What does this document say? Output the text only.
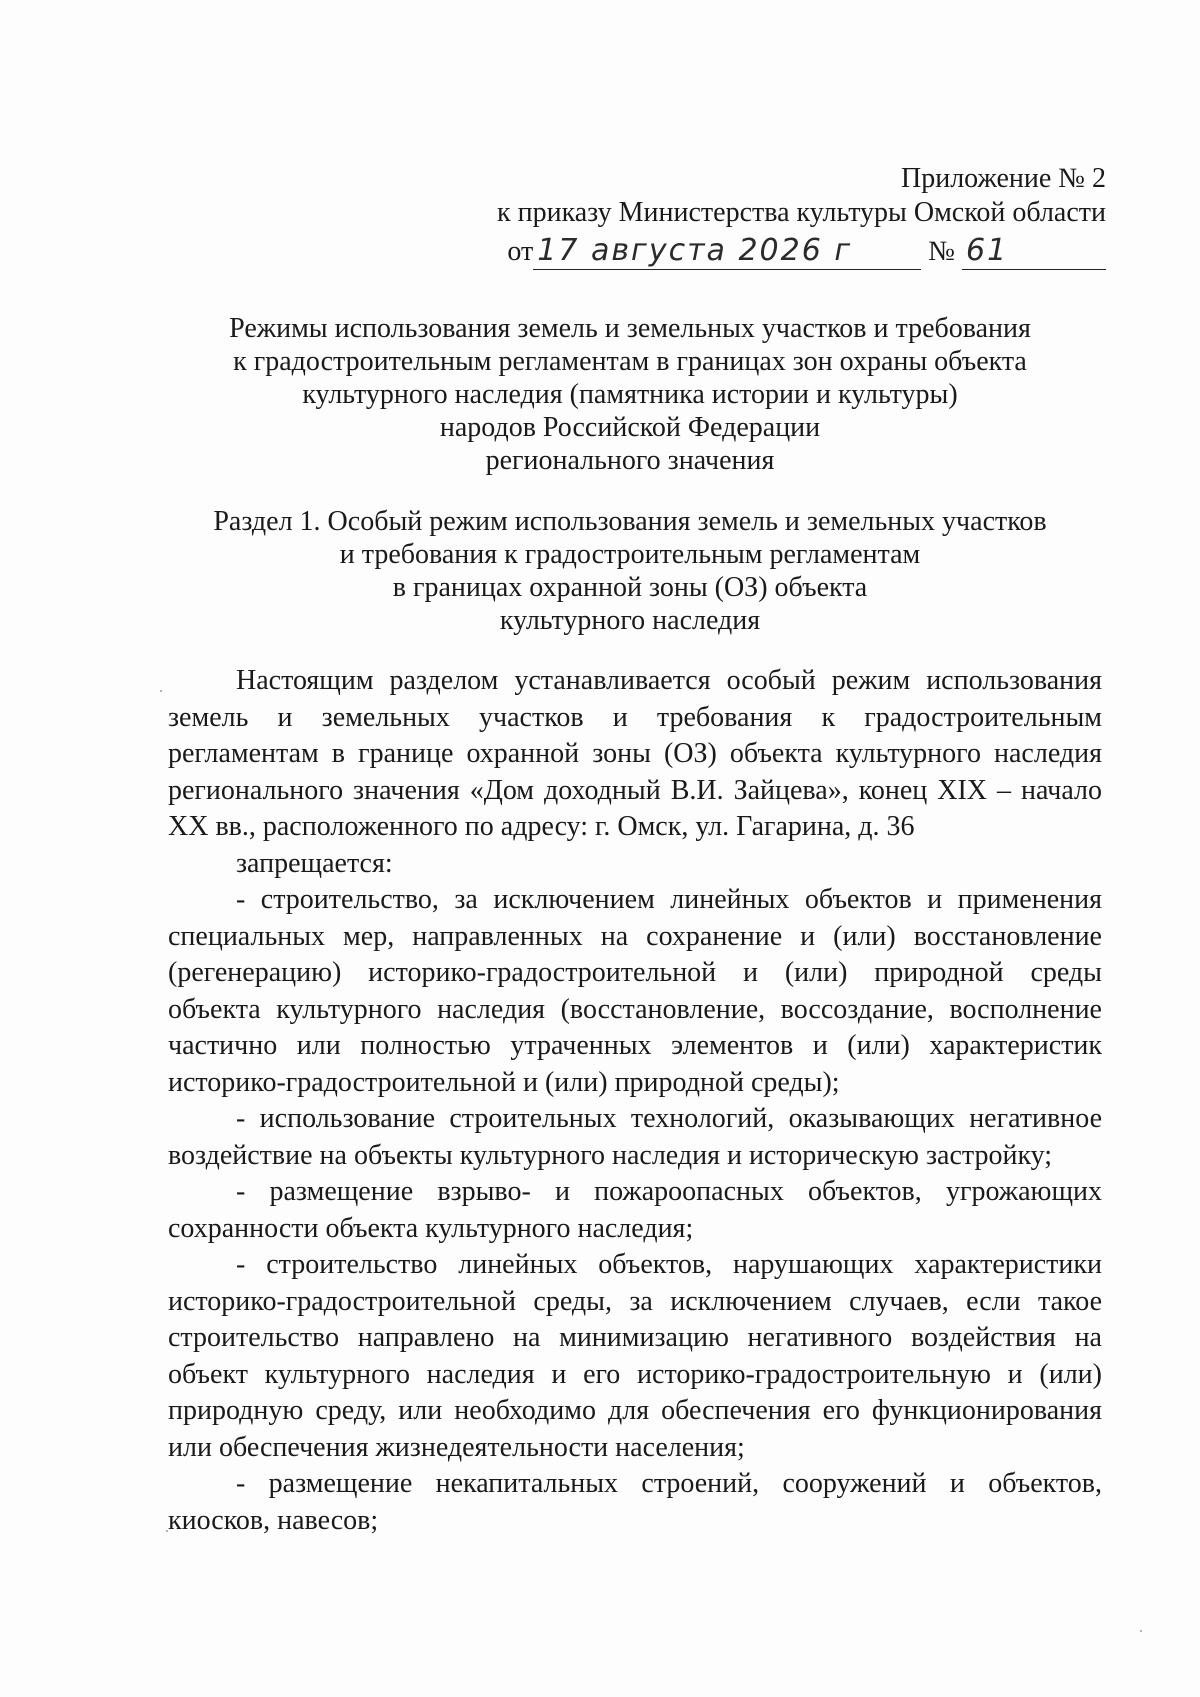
Приложение № 2
к приказу Министерства культуры Омской области
от 17 августа 2026 г	№ 61
Режимы использования земель и земельных участков и требования
к градостроительным регламентам в границах зон охраны объекта
культурного наследия (памятника истории и культуры)
народов Российской Федерации
регионального значения
Раздел 1. Особый режим использования земель и земельных участков
и требования к градостроительным регламентам
в границах охранной зоны (ОЗ) объекта
культурного наследия

Настоящим разделом устанавливается особый режим использования земель и земельных участков и требования к градостроительным регламентам в границе охранной зоны (ОЗ) объекта культурного наследия регионального значения «Дом доходный В.И. Зайцева», конец XIX – начало XX вв., расположенного по адресу: г. Омск, ул. Гагарина, д. 36

запрещается:

- строительство, за исключением линейных объектов и применения специальных мер, направленных на сохранение и (или) восстановление (регенерацию) историко-градостроительной и (или) природной среды объекта культурного наследия (восстановление, воссоздание, восполнение частично или полностью утраченных элементов и (или) характеристик историко-градостроительной и (или) природной среды);

- использование строительных технологий, оказывающих негативное воздействие на объекты культурного наследия и историческую застройку;

- размещение взрыво- и пожароопасных объектов, угрожающих сохранности объекта культурного наследия;

- строительство линейных объектов, нарушающих характеристики историко-градостроительной среды, за исключением случаев, если такое строительство направлено на минимизацию негативного воздействия на объект культурного наследия и его историко-градостроительную и (или) природную среду, или необходимо для обеспечения его функционирования или обеспечения жизнедеятельности населения;

- размещение некапитальных строений, сооружений и объектов, киосков, навесов;
